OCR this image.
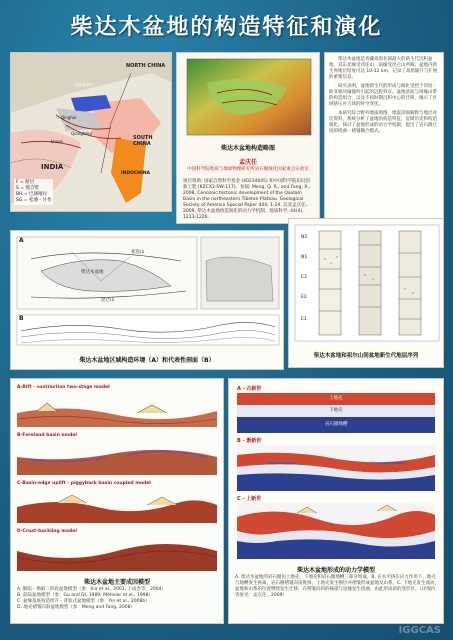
柴达木盆地的构造特征和演化
NORTH CHINA
SOUTH CHINA
INDIA
INDOCHINA
Qaidam
Qinghai
Lhasa
Qiangtang
F = 断层
S = 缝合带
BH = 巴颜喀拉
SG = 松潘 - 甘孜
柴达木盆地构造略图
孟庆任
中国科学院地质与地球物理研究所岩石圈演化国家重点实验室
项目资助: 国家自然科学基金 (40234045) 和中国科学院知识创新工程 (KZCX2-SW-117)。参阅: Meng, Q. R., and Fang, X., 2008, Cenozoic tectonic development of the Qaidam Basin in the northeastern Tibetan Plateau. Geological Society of America Special Paper 444, 1-24. 以及孟庆任, 2009, 柴达木盆地构造演化的动力学机制。地质科学, 44(4), 1213-1226.

柴达木盆地是青藏高原北部最大的新生代沉积盆地，其东北缘受祁连山、南缘受昆仑山所限。盆地内新生界地层厚度可达 10-12 km，记录了高原隆升与扩展的重要信息。

研究表明，盆地新生代的形成与演化受控于印度 - 欧亚板块碰撞所引起的远程效应。盆地基底与周缘山系的构造组合，以及不同时期沉积中心的迁移，揭示了区域挤压应力场的时空变化。

本研究综合野外地质填图、地震剖面解释与地层对比资料，系统分析了盆地的构造特征、沉降历史和构造演化，探讨了盆地形成的动力学机制，提出了岩石圈尺度的挠曲 - 褶皱耦合模式。

A
B
柴达木盆地
昆仑山
祁连山
柴达木盆地区域构造环境（A）和代表性剖面（B）
N2
N1
E3
E2
E1
柴达木盆地和祖尔山间盆地新生代地层序列
A-Rift - contraction two-stage model
B-Foreland basin model
C-Basin-edge uplift - piggyback basin coupled model
D-Crust-buckling model
柴达木盆地主要成因模型
A. 断陷 - 拗陷二阶段盆地模型（参：Xia et al., 2001; 王成善等，2004）
B. 前陆盆地模型（参：Gu and Di, 1989; Métivier et al., 1998）
C. 盆缘基底构造抬升 - 背驮式盆地模型（参：Yin et al., 2008b）
D. 地壳褶皱向斜盆地模型（参：Meng and Fang, 2008）
A - 古新世
上地壳
下地壳
岩石圈地幔
B - 渐新世
C - 上新世
柴达木盆地形成的动力学模型
A. 柴达木盆地的岩石圈由上地壳、下地壳和岩石圈地幔三部分组成。B. 在水平挤压应力作用下，地壳与地幔发生拆离，岩石圈褶皱向南推挤，上地壳发生断层并褶皱形成盆地及山系。C. 下地壳发生流动，盆地和山系的位置继续发生迁移，在褶皱向斜的核部与边缘发生挠曲，由此形成新的变形区。（详细内容参见：孟庆任，2009）
IGGCAS
